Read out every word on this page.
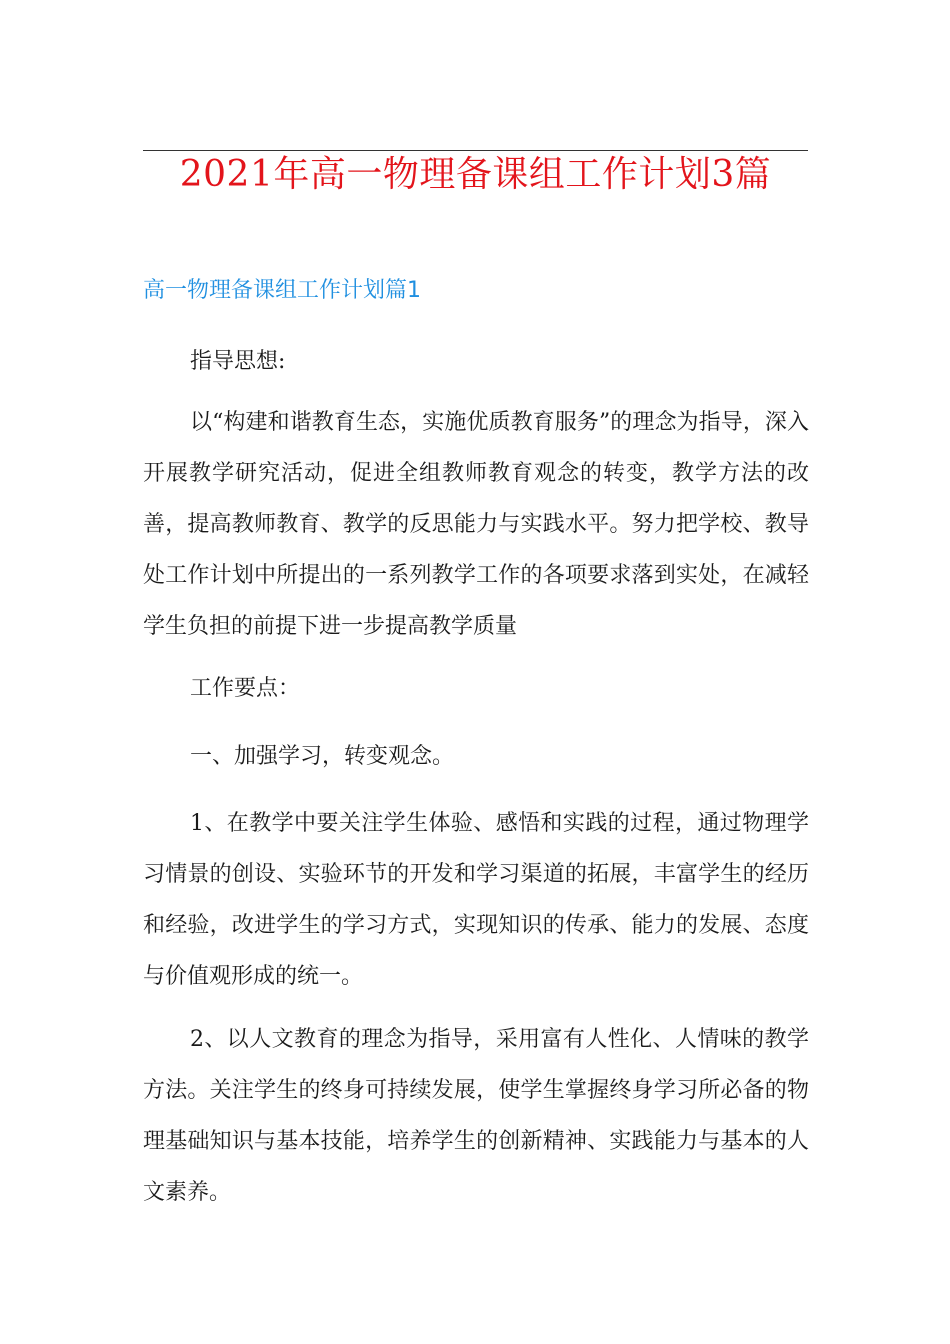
2021年高一物理备课组工作计划3篇
高一物理备课组工作计划篇1

指导思想:

以“构建和谐教育生态，实施优质教育服务”的理念为指导，深入开展教学研究活动，促进全组教师教育观念的转变，教学方法的改善，提高教师教育、教学的反思能力与实践水平。努力把学校、教导处工作计划中所提出的一系列教学工作的各项要求落到实处，在减轻学生负担的前提下进一步提高教学质量

工作要点：

一、加强学习，转变观念。

1、在教学中要关注学生体验、感悟和实践的过程，通过物理学习情景的创设、实验环节的开发和学习渠道的拓展，丰富学生的经历和经验，改进学生的学习方式，实现知识的传承、能力的发展、态度与价值观形成的统一。

2、以人文教育的理念为指导，采用富有人性化、人情味的教学方法。关注学生的终身可持续发展，使学生掌握终身学习所必备的物理基础知识与基本技能，培养学生的创新精神、实践能力与基本的人文素养。
